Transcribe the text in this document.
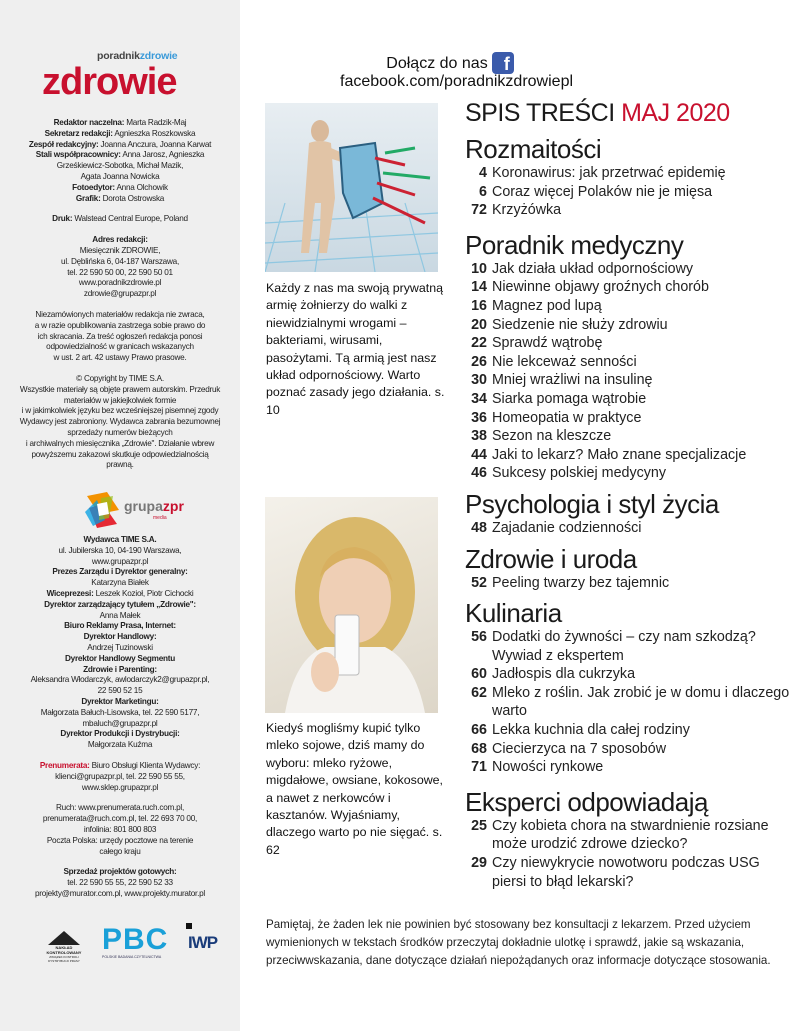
poradnikzdrowie
zdrowie
Redaktor naczelna: Marta Radzik-Maj
Sekretarz redakcji: Agnieszka Roszkowska
Zespół redakcyjny: Joanna Anczura, Joanna Karwat
Stali współpracownicy: Anna Jarosz, Agnieszka
Grześkiewicz-Sobotka, Michał Mazik,
Agata Joanna Nowicka
Fotoedytor: Anna Olchowik
Grafik: Dorota Ostrowska
Druk: Walstead Central Europe, Poland
Adres redakcji:
Miesięcznik ZDROWIE,
ul. Dęblińska 6, 04-187 Warszawa,
tel. 22 590 50 00, 22 590 50 01
www.poradnikzdrowie.pl
zdrowie@grupazpr.pl
Niezamówionych materiałów redakcja nie zwraca,
a w razie opublikowania zastrzega sobie prawo do
ich skracania. Za treść ogłoszeń redakcja ponosi
odpowiedzialność w granicach wskazanych
w ust. 2 art. 42 ustawy Prawo prasowe.
© Copyright by TIME S.A.
Wszystkie materiały są objęte prawem autorskim. Przedruk
materiałów w jakiejkolwiek formie
i w jakimkolwiek języku bez wcześniejszej pisemnej zgody
Wydawcy jest zabroniony. Wydawca zabrania bezumownej
sprzedaży numerów bieżących
i archiwalnych miesięcznika „Zdrowie". Działanie wbrew
powyższemu zakazowi skutkuje odpowiedzialnością
prawną.
grupazpr
media
Wydawca TIME S.A.
ul. Jubilerska 10, 04-190 Warszawa,
www.grupazpr.pl
Prezes Zarządu i Dyrektor generalny:
Katarzyna Białek
Wiceprezesi: Leszek Kozioł, Piotr Cichocki
Dyrektor zarządzający tytułem „Zdrowie":
Anna Małek
Biuro Reklamy Prasa, Internet:
Dyrektor Handlowy:
Andrzej Tuzinowski
Dyrektor Handlowy Segmentu
Zdrowie i Parenting:
Aleksandra Włodarczyk, awlodarczyk2@grupazpr.pl,
22 590 52 15
Dyrektor Marketingu:
Małgorzata Bałuch-Lisowska, tel. 22 590 5177,
mbaluch@grupazpr.pl
Dyrektor Produkcji i Dystrybucji:
Małgorzata Kuźma
Prenumerata: Biuro Obsługi Klienta Wydawcy:
klienci@grupazpr.pl, tel. 22 590 55 55,
www.sklep.grupazpr.pl
Ruch: www.prenumerata.ruch.com.pl,
prenumerata@ruch.com.pl, tel. 22 693 70 00,
infolinia: 801 800 803
Poczta Polska: urzędy pocztowe na terenie
całego kraju
Sprzedaż projektów gotowych:
tel. 22 590 55 55, 22 590 52 33
projekty@murator.com.pl, www.projekty.murator.pl
NAKŁAD KONTROLOWANY
ZWIĄZEK KONTROLI DYSTRYBUCJI PRASY
PBC
POLSKIE BADANIA CZYTELNICTWA
IWP
Dołącz do nas f
facebook.com/poradnikzdrowiepl
Każdy z nas ma swoją prywatną armię żołnierzy do walki z niewidzialnymi wrogami – bakteriami, wirusami, pasożytami. Tą armią jest nasz układ odpornościowy. Warto poznać zasady jego działania. s. 10
Kiedyś mogliśmy kupić tylko mleko sojowe, dziś mamy do wyboru: mleko ryżowe, migdałowe, owsiane, kokosowe, a nawet z nerkowców i kasztanów. Wyjaśniamy, dlaczego warto po nie sięgać. s. 62
SPIS TREŚCI MAJ 2020
Rozmaitości
4 Koronawirus: jak przetrwać epidemię
6 Coraz więcej Polaków nie je mięsa
72 Krzyżówka
Poradnik medyczny
10 Jak działa układ odpornościowy
14 Niewinne objawy groźnych chorób
16 Magnez pod lupą
20 Siedzenie nie służy zdrowiu
22 Sprawdź wątrobę
26 Nie lekceważ senności
30 Mniej wrażliwi na insulinę
34 Siarka pomaga wątrobie
36 Homeopatia w praktyce
38 Sezon na kleszcze
44 Jaki to lekarz? Mało znane specjalizacje
46 Sukcesy polskiej medycyny
Psychologia i styl życia
48 Zajadanie codzienności
Zdrowie i uroda
52 Peeling twarzy bez tajemnic
Kulinaria
56 Dodatki do żywności – czy nam szkodzą? Wywiad z ekspertem
60 Jadłospis dla cukrzyka
62 Mleko z roślin. Jak zrobić je w domu i dlaczego warto
66 Lekka kuchnia dla całej rodziny
68 Ciecierzyca na 7 sposobów
71 Nowości rynkowe
Eksperci odpowiadają
25 Czy kobieta chora na stwardnienie rozsiane może urodzić zdrowe dziecko?
29 Czy niewykrycie nowotworu podczas USG piersi to błąd lekarski?
Pamiętaj, że żaden lek nie powinien być stosowany bez konsultacji z lekarzem. Przed użyciem wymienionych w tekstach środków przeczytaj dokładnie ulotkę i sprawdź, jakie są wskazania, przeciwwskazania, dane dotyczące działań niepożądanych oraz informacje dotyczące stosowania.
